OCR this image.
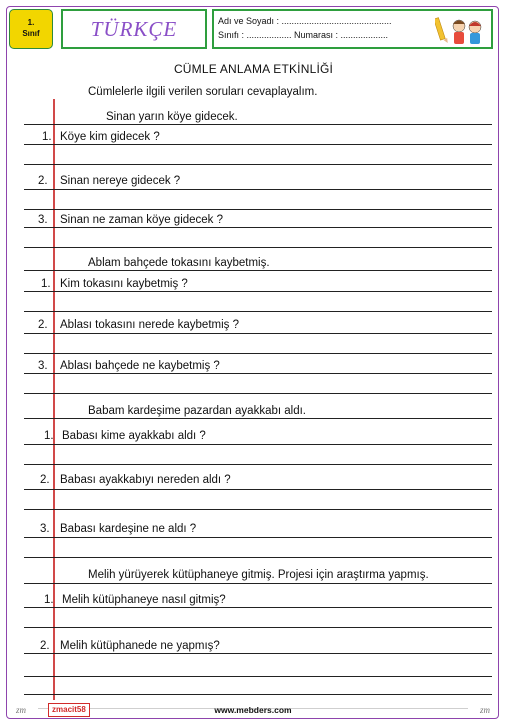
1.
Sınıf	TÜRKÇE	Adı ve Soyadı : ............................................
Sınıfı : .................. Numarası : ...................
CÜMLE ANLAMA ETKİNLİĞİ
Cümlelerle ilgili verilen soruları cevaplayalım.
Sinan yarın köye gidecek.
1. Köye kim gidecek ?
2. Sinan nereye gidecek ?
3. Sinan ne zaman köye gidecek ?
Ablam bahçede tokasını kaybetmiş.
1. Kim tokasını kaybetmiş ?
2. Ablası tokasını nerede kaybetmiş ?
3. Ablası bahçede ne kaybetmiş ?
Babam kardeşime pazardan ayakkabı aldı.
1. Babası kime ayakkabı aldı ?
2. Babası ayakkabıyı nereden aldı ?
3. Babası kardeşine ne aldı ?
Melih yürüyerek kütüphaneye gitmiş. Projesi için araştırma yapmış.
1. Melih kütüphaneye nasıl gitmiş?
2. Melih kütüphanede ne yapmış?
zm	zmacit58	www.mebders.com	zm
